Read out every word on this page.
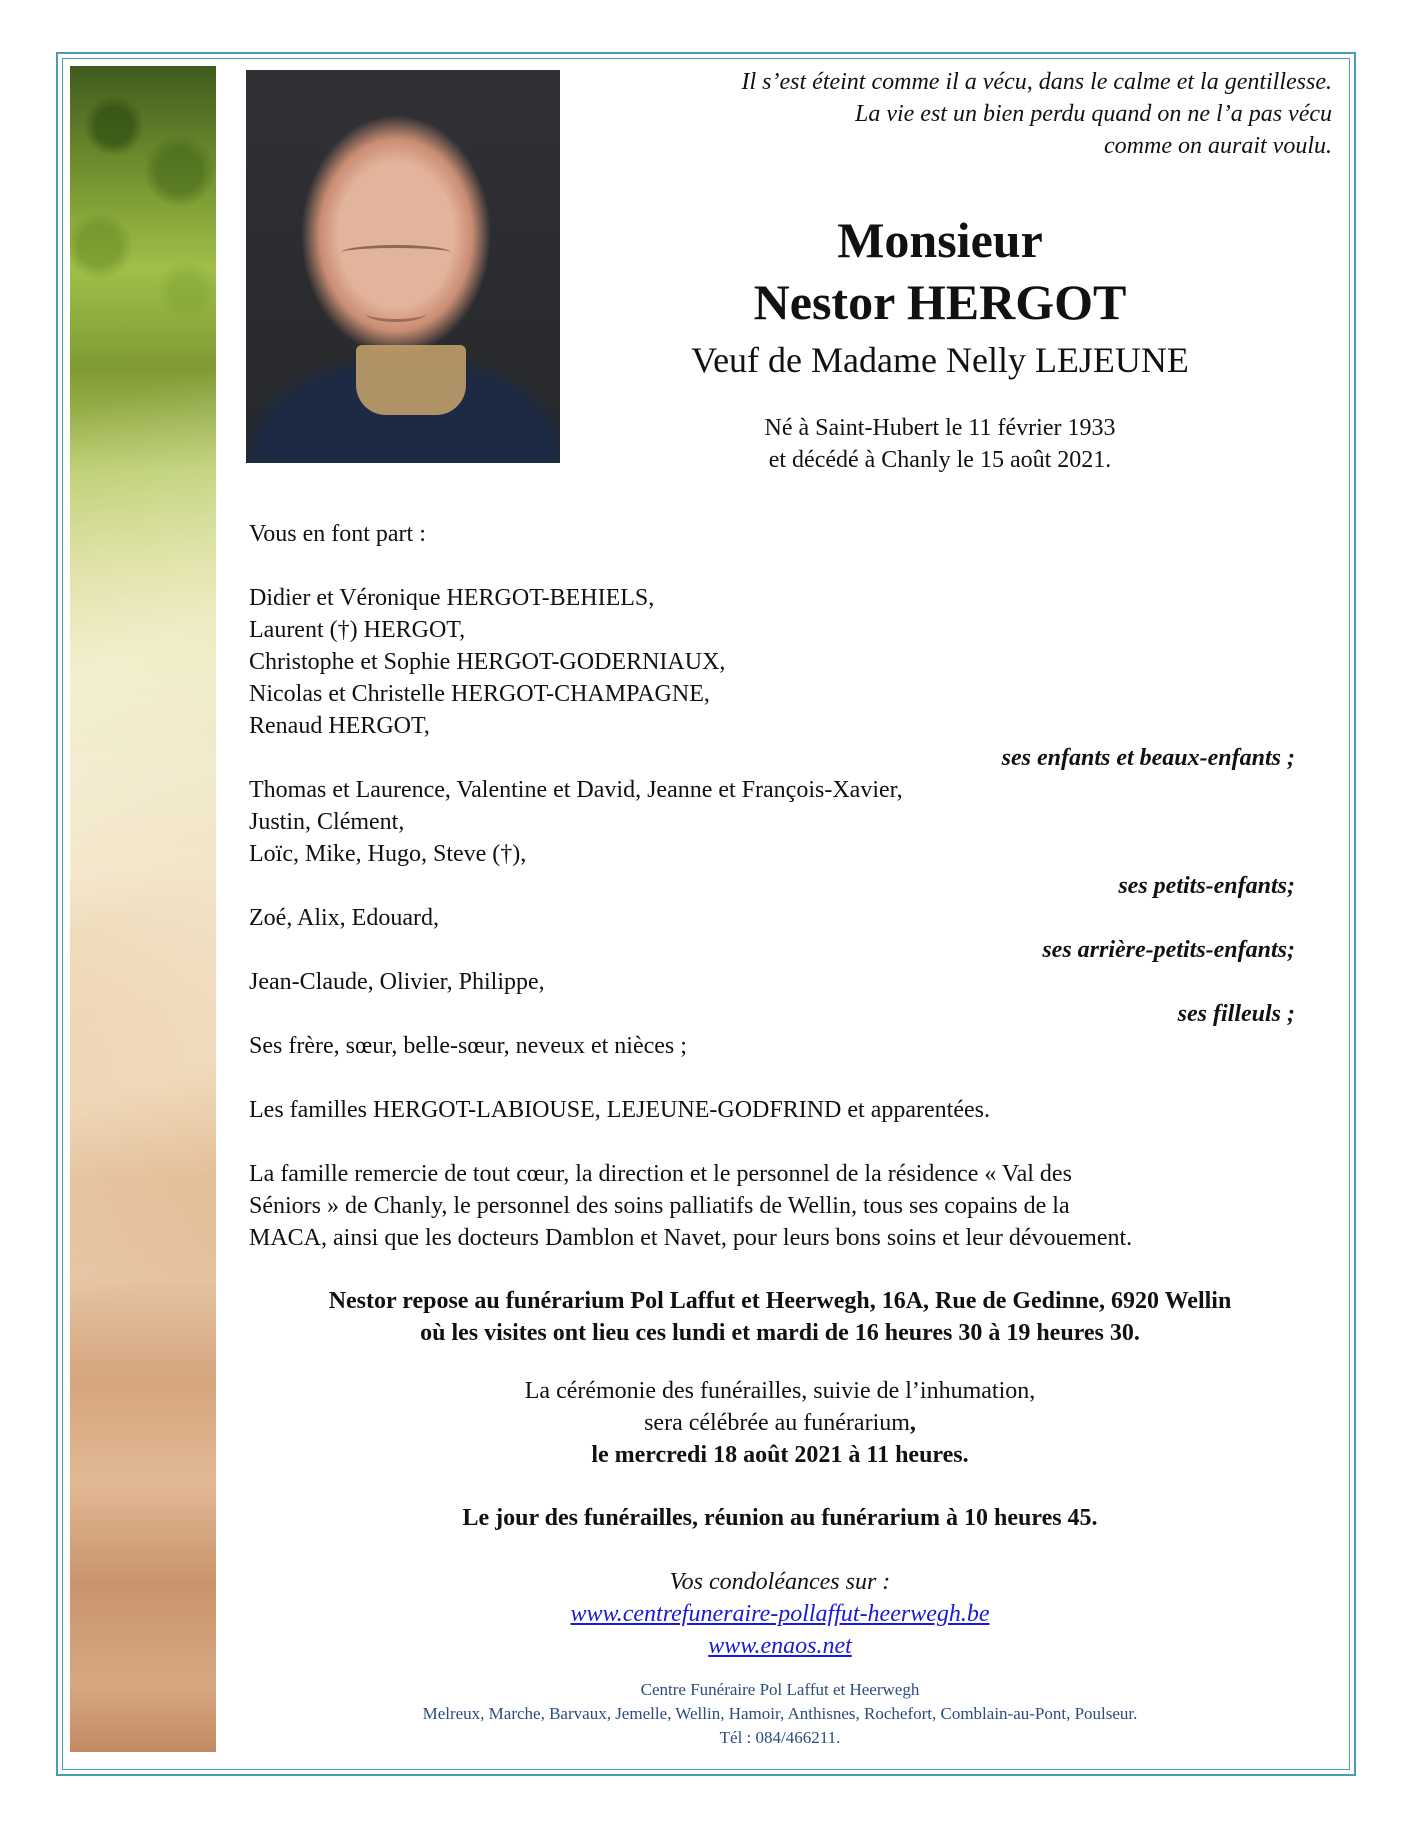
Il s’est éteint comme il a vécu, dans le calme et la gentillesse.
La vie est un bien perdu quand on ne l’a pas vécu
comme on aurait voulu.
Monsieur
Nestor HERGOT
Veuf de Madame Nelly LEJEUNE
Né à Saint-Hubert le 11 février 1933
et décédé à Chanly le 15 août 2021.
Vous en font part :
Didier et Véronique HERGOT-BEHIELS,
Laurent (†) HERGOT,
Christophe et Sophie HERGOT-GODERNIAUX,
Nicolas et Christelle HERGOT-CHAMPAGNE,
Renaud HERGOT,
ses enfants et beaux-enfants ;
Thomas et Laurence, Valentine et David, Jeanne et François-Xavier,
Justin, Clément,
Loïc, Mike, Hugo, Steve (†),
ses petits-enfants;
Zoé, Alix, Edouard,
ses arrière-petits-enfants;
Jean-Claude, Olivier, Philippe,
ses filleuls ;
Ses frère, sœur, belle-sœur, neveux et nièces ;
Les familles HERGOT-LABIOUSE, LEJEUNE-GODFRIND et apparentées.
La famille remercie de tout cœur, la direction et le personnel de la résidence « Val des
Séniors » de Chanly, le personnel des soins palliatifs de Wellin, tous ses copains de la
MACA, ainsi que les docteurs Damblon et Navet, pour leurs bons soins et leur dévouement.
Nestor repose au funérarium Pol Laffut et Heerwegh, 16A, Rue de Gedinne, 6920 Wellin
où les visites ont lieu ces lundi et mardi de 16 heures 30 à 19 heures 30.
La cérémonie des funérailles, suivie de l’inhumation,
sera célébrée au funérarium,
le mercredi 18 août 2021 à 11 heures.
Le jour des funérailles, réunion au funérarium à 10 heures 45.
Vos condoléances sur :
www.centrefuneraire-pollaffut-heerwegh.be
www.enaos.net
Centre Funéraire Pol Laffut et Heerwegh
Melreux, Marche, Barvaux, Jemelle, Wellin, Hamoir, Anthisnes, Rochefort, Comblain-au-Pont, Poulseur.
Tél : 084/466211.
